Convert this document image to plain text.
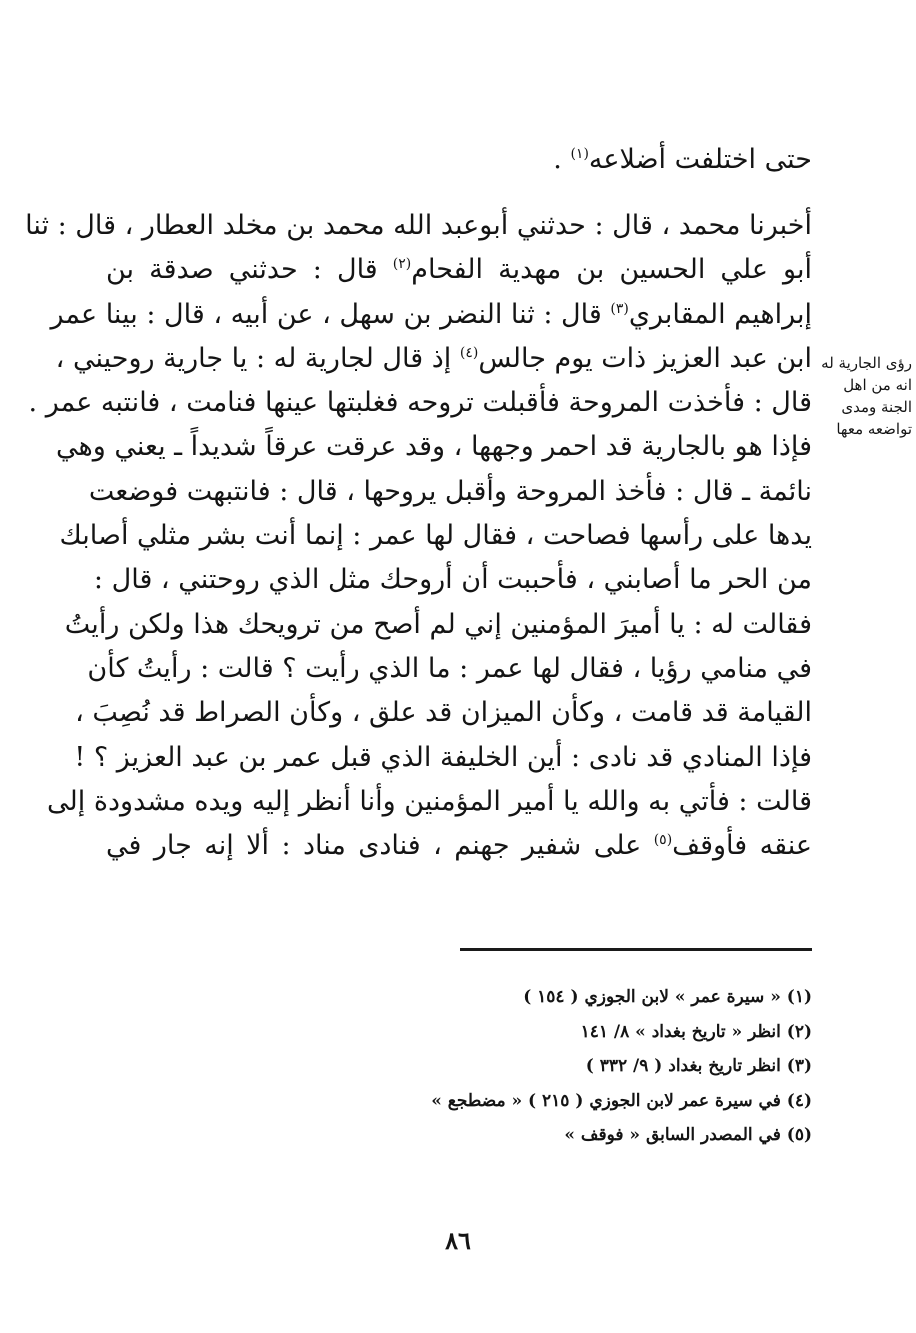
حتى اختلفت أضلاعه$^{(١)}$ .
أخبرنا محمد ، قال : حدثني أبوعبد الله محمد بن مخلد العطار ، قال : ثنا
أبو علي الحسين بن مهدية الفحام$^{(٢)}$ قال : حدثني صدقة بن
إبراهيم المقابري$^{(٣)}$ قال : ثنا النضر بن سهل ، عن أبيه ، قال : بينا عمر
ابن عبد العزيز ذات يوم جالس$^{(٤)}$ إذ قال لجارية له : يا جارية روحيني ،
قال : فأخذت المروحة فأقبلت تروحه فغلبتها عينها فنامت ، فانتبه عمر .
فإذا هو بالجارية قد احمر وجهها ، وقد عرقت عرقاً شديداً ـ يعني وهي
نائمة ـ قال : فأخذ المروحة وأقبل يروحها ، قال : فانتبهت فوضعت
يدها على رأسها فصاحت ، فقال لها عمر : إنما أنت بشر مثلي أصابك
من الحر ما أصابني ، فأحببت أن أروحك مثل الذي روحتني ، قال :
فقالت له : يا أميرَ المؤمنين إني لم أصح من ترويحك هذا ولكن رأيتُ
في منامي رؤيا ، فقال لها عمر : ما الذي رأيت ؟ قالت : رأيتُ كأن
القيامة قد قامت ، وكأن الميزان قد علق ، وكأن الصراط قد نُصِبَ ،
فإذا المنادي قد نادى : أين الخليفة الذي قبل عمر بن عبد العزيز ؟ !
قالت : فأتي به والله يا أمير المؤمنين وأنا أنظر إليه ويده مشدودة إلى
عنقه فأوقف$^{(٥)}$ على شفير جهنم ، فنادى مناد : ألا إنه جار في
رؤى الجارية له
انه من اهل
الجنة ومدى
تواضعه معها
(١) « سيرة عمر » لابن الجوزي ( ١٥٤ )
(٢) انظر « تاريخ بغداد » ٨/ ١٤١
(٣) انظر تاريخ بغداد ( ٩/ ٣٣٢ )
(٤) في سيرة عمر لابن الجوزي ( ٢١٥ ) « مضطجع »
(٥) في المصدر السابق « فوقف »
٨٦
